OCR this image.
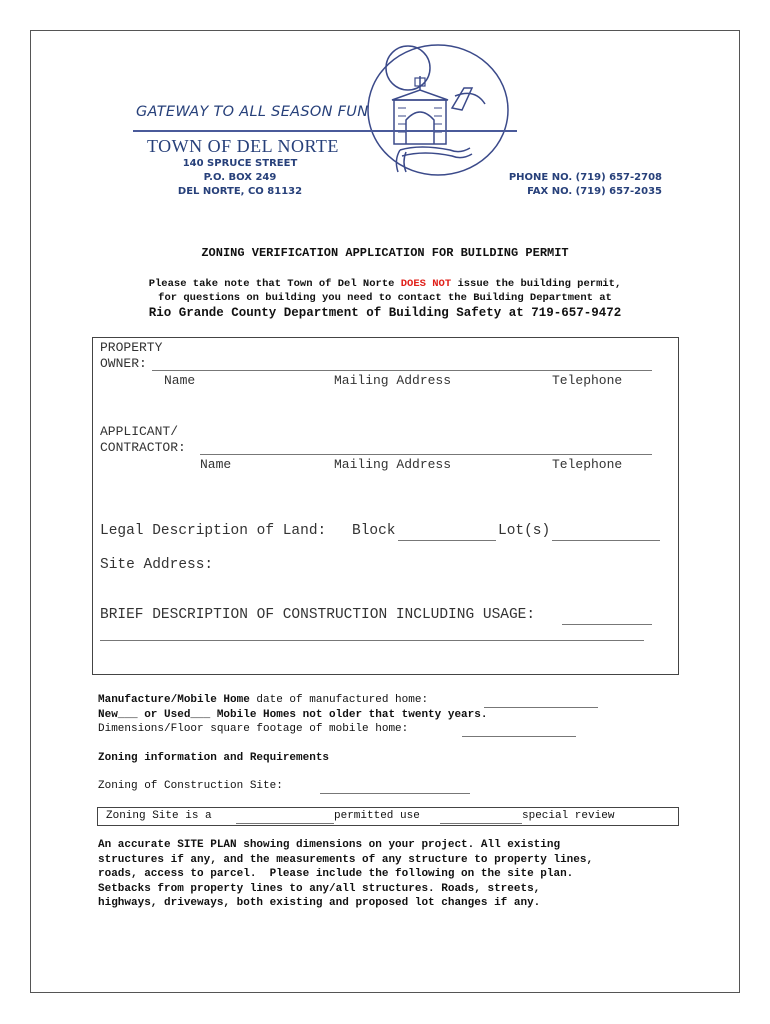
GATEWAY TO ALL SEASON FUN
TOWN OF DEL NORTE
140 SPRUCE STREET
P.O. BOX 249
DEL NORTE, CO 81132
PHONE NO. (719) 657-2708
FAX NO. (719) 657-2035
ZONING VERIFICATION APPLICATION FOR BUILDING PERMIT
Please take note that Town of Del Norte DOES NOT issue the building permit,
for questions on building you need to contact the Building Department at
Rio Grande County Department of Building Safety at 719-657-9472
PROPERTY
OWNER:
Name	Mailing Address	Telephone
APPLICANT/
CONTRACTOR:
Name	Mailing Address	Telephone
Legal Description of Land: Block	Lot(s)
Site Address:
BRIEF DESCRIPTION OF CONSTRUCTION INCLUDING USAGE:
Manufacture/Mobile Home date of manufactured home:
New___ or Used___ Mobile Homes not older that twenty years.
Dimensions/Floor square footage of mobile home:
Zoning information and Requirements
Zoning of Construction Site:
Zoning Site is a	permitted use	special review
An accurate SITE PLAN showing dimensions on your project. All existing
structures if any, and the measurements of any structure to property lines,
roads, access to parcel.  Please include the following on the site plan.
Setbacks from property lines to any/all structures. Roads, streets,
highways, driveways, both existing and proposed lot changes if any.
